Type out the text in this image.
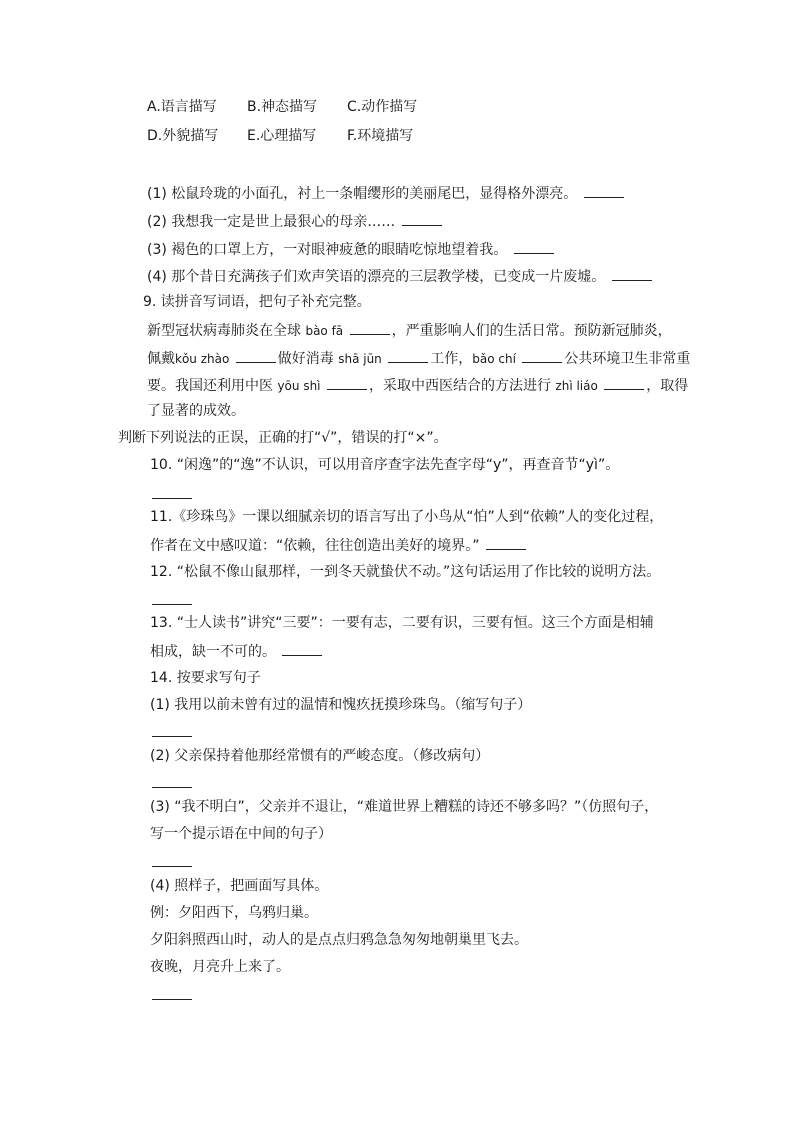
A.语言描写 B.神态描写 C.动作描写
D.外貌描写 E.心理描写 F.环境描写
(1) 松鼠玲珑的小面孔，衬上一条帽缨形的美丽尾巴，显得格外漂亮。
(2) 我想我一定是世上最狠心的母亲……
(3) 褐色的口罩上方，一对眼神疲惫的眼睛吃惊地望着我。
(4) 那个昔日充满孩子们欢声笑语的漂亮的三层教学楼，已变成一片废墟。
9. 读拼音写词语，把句子补充完整。
新型冠状病毒肺炎在全球 bào fā	，严重影响人们的生活日常。预防新冠肺炎，
佩戴kǒu zhào	做好消毒 shā jūn	工作，bǎo chí	公共环境卫生非常重
要。我国还利用中医 yōu shì	，采取中西医结合的方法进行 zhì liáo	，取得
了显著的成效。
判断下列说法的正误，正确的打“√”，错误的打“×”。
10. “闲逸”的“逸”不认识，可以用音序查字法先查字母“y”，再查音节“yì”。
11.《珍珠鸟》一课以细腻亲切的语言写出了小鸟从“怕”人到“依赖”人的变化过程，
作者在文中感叹道：“依赖，往往创造出美好的境界。”
12. “松鼠不像山鼠那样，一到冬天就蛰伏不动。”这句话运用了作比较的说明方法。
13. “士人读书”讲究“三要”：一要有志，二要有识，三要有恒。这三个方面是相辅
相成，缺一不可的。
14. 按要求写句子
(1) 我用以前未曾有过的温情和愧疚抚摸珍珠鸟。（缩写句子）
(2) 父亲保持着他那经常惯有的严峻态度。（修改病句）
(3) “我不明白”，父亲并不退让，“难道世界上糟糕的诗还不够多吗？”（仿照句子，
写一个提示语在中间的句子）
(4) 照样子，把画面写具体。
例：夕阳西下，乌鸦归巢。
夕阳斜照西山时，动人的是点点归鸦急急匆匆地朝巢里飞去。
夜晚，月亮升上来了。
